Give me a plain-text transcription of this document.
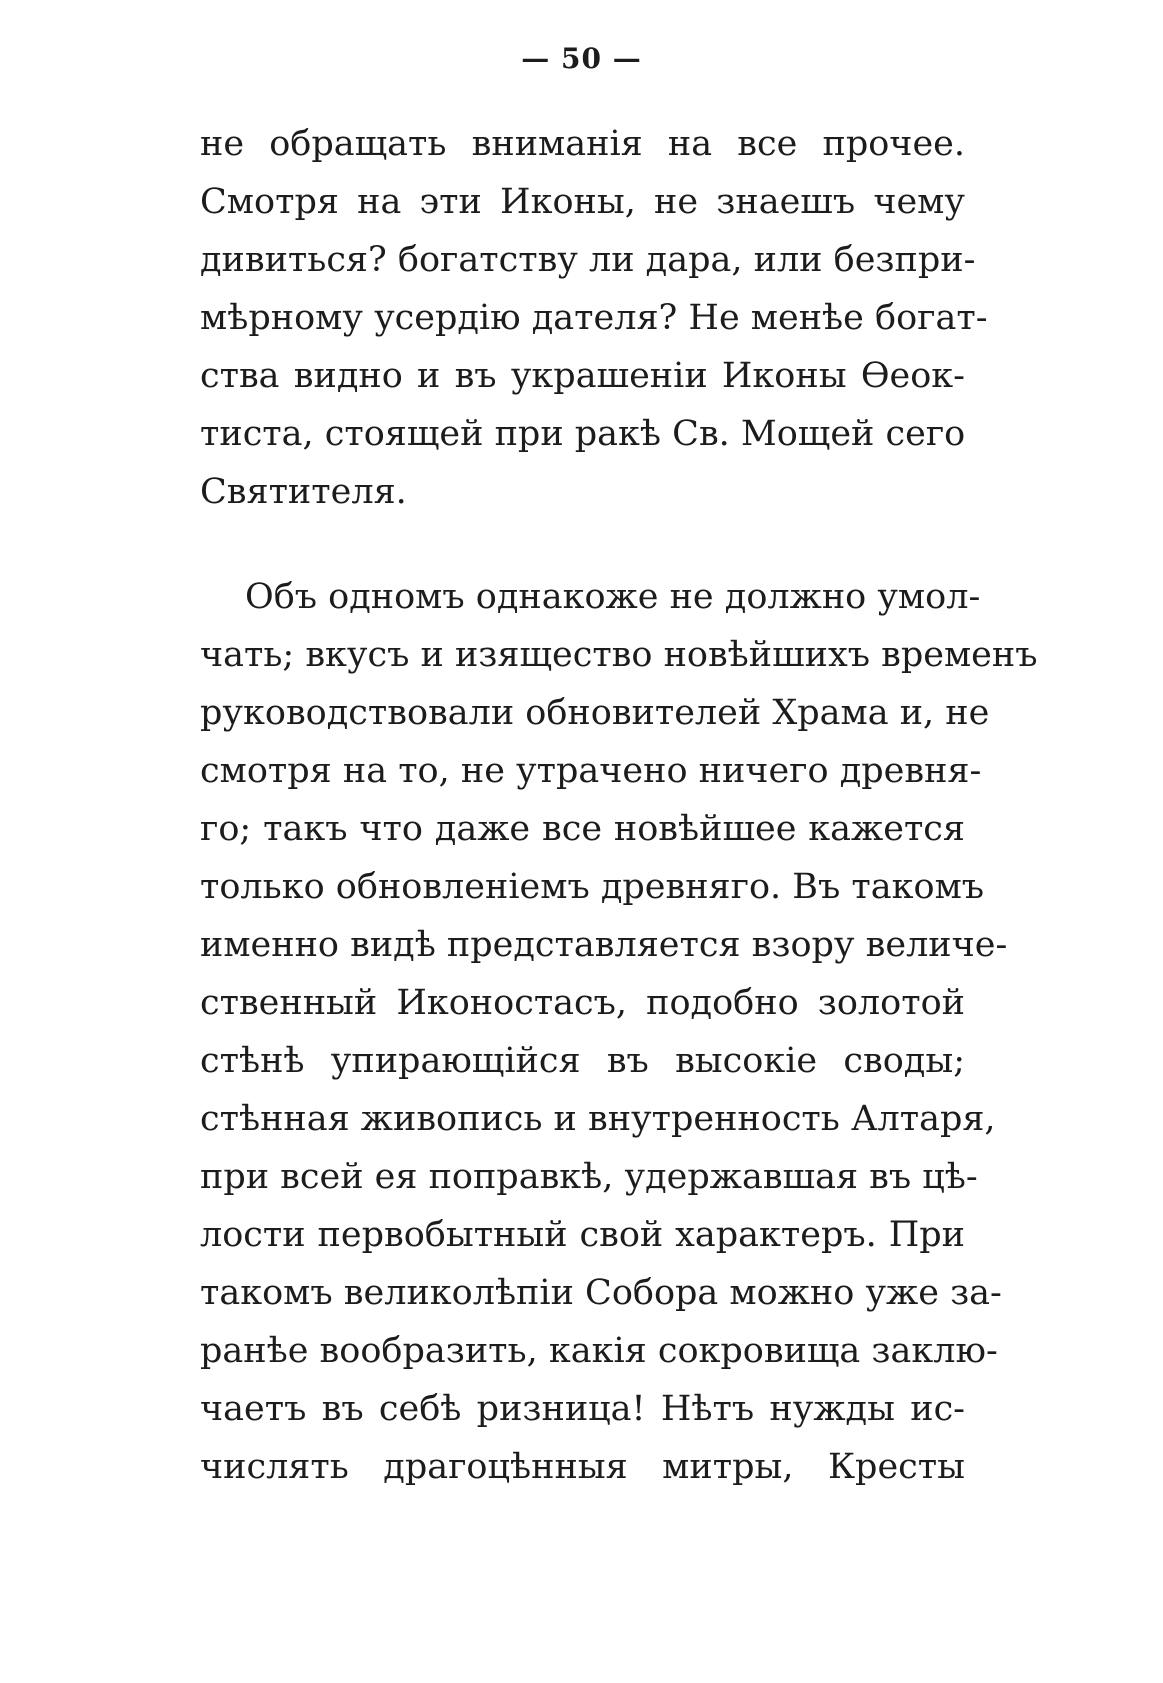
— 50 —
не обращать вниманія на все прочее.
Смотря на эти Иконы, не знаешъ чему
дивиться? богатству ли дара, или безпри-
мѣрному усердію дателя? Не менѣе богат-
ства видно и въ украшеніи Иконы Ѳеок-
тиста, стоящей при ракѣ Св. Мощей сего
Святителя.
Объ одномъ однакоже не должно умол-
чать; вкусъ и изящество новѣйшихъ временъ
руководствовали обновителей Храма и, не
смотря на то, не утрачено ничего древня-
го; такъ что даже все новѣйшее кажется
только обновленіемъ древняго. Въ такомъ
именно видѣ представляется взору величе-
ственный Иконостасъ, подобно золотой
стѣнѣ упирающійся въ высокіе своды;
стѣнная живопись и внутренность Алтаря,
при всей ея поправкѣ, удержавшая въ цѣ-
лости первобытный свой характеръ. При
такомъ великолѣпіи Собора можно уже за-
ранѣе вообразить, какія сокровища заклю-
чаетъ въ себѣ ризница! Нѣтъ нужды ис-
числять драгоцѣнныя митры, Кресты
